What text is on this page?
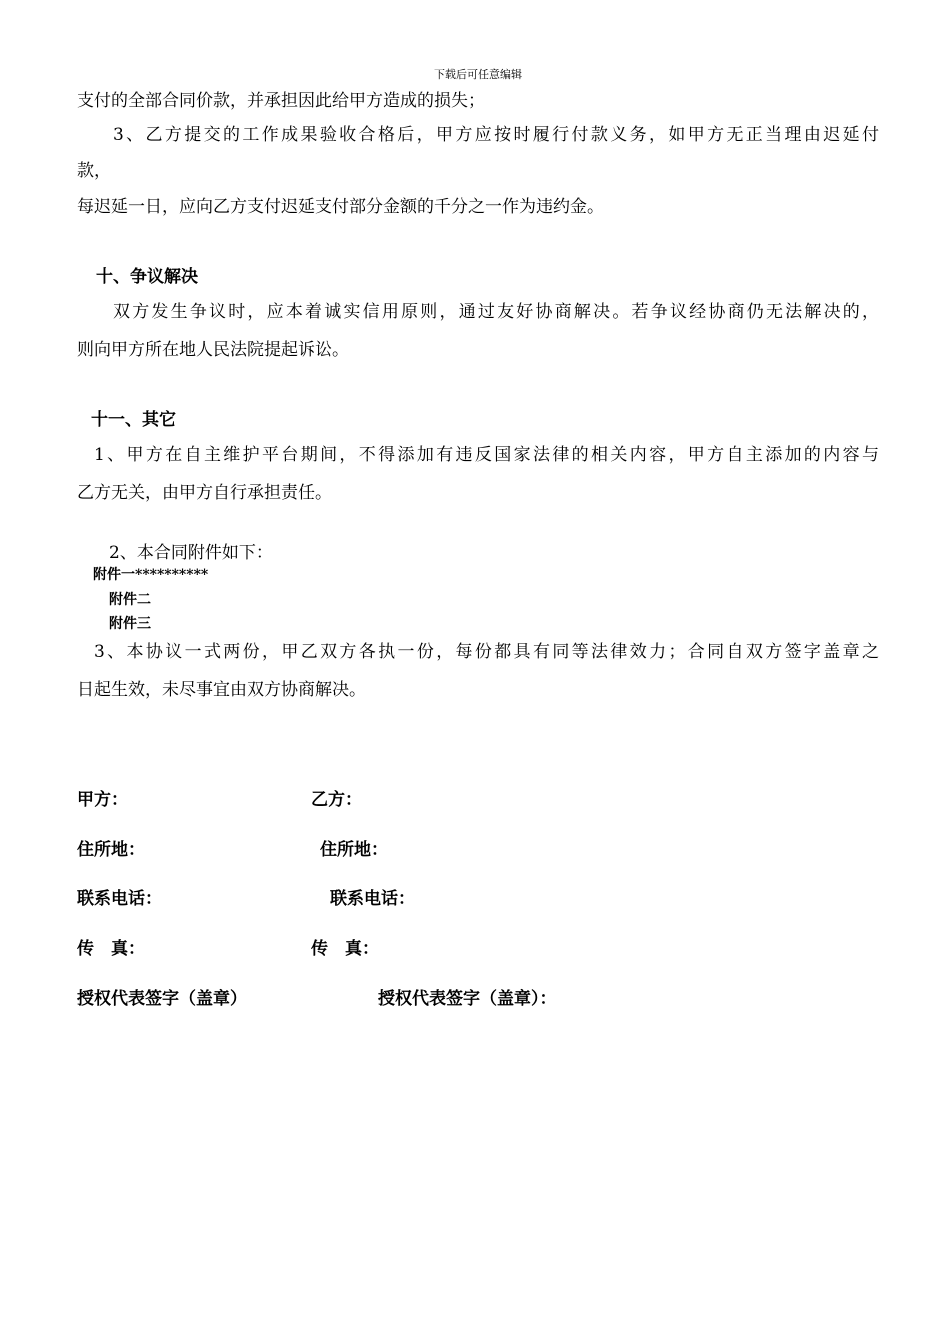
下载后可任意编辑
支付的全部合同价款，并承担因此给甲方造成的损失；
3、乙方提交的工作成果验收合格后，甲方应按时履行付款义务，如甲方无正当理由迟延付
款，
每迟延一日，应向乙方支付迟延支付部分金额的千分之一作为违约金。
十、争议解决
双方发生争议时，应本着诚实信用原则，通过友好协商解决。若争议经协商仍无法解决的，
则向甲方所在地人民法院提起诉讼。
十一、其它
1、甲方在自主维护平台期间，不得添加有违反国家法律的相关内容，甲方自主添加的内容与
乙方无关，由甲方自行承担责任。
2、本合同附件如下：
附件一**********
附件二
附件三
3、本协议一式两份，甲乙双方各执一份，每份都具有同等法律效力；合同自双方签字盖章之
日起生效，未尽事宜由双方协商解决。
甲方：	乙方：
住所地：	住所地：
联系电话：	联系电话：
传　真：	传　真：
授权代表签字（盖章）	授权代表签字（盖章）：
